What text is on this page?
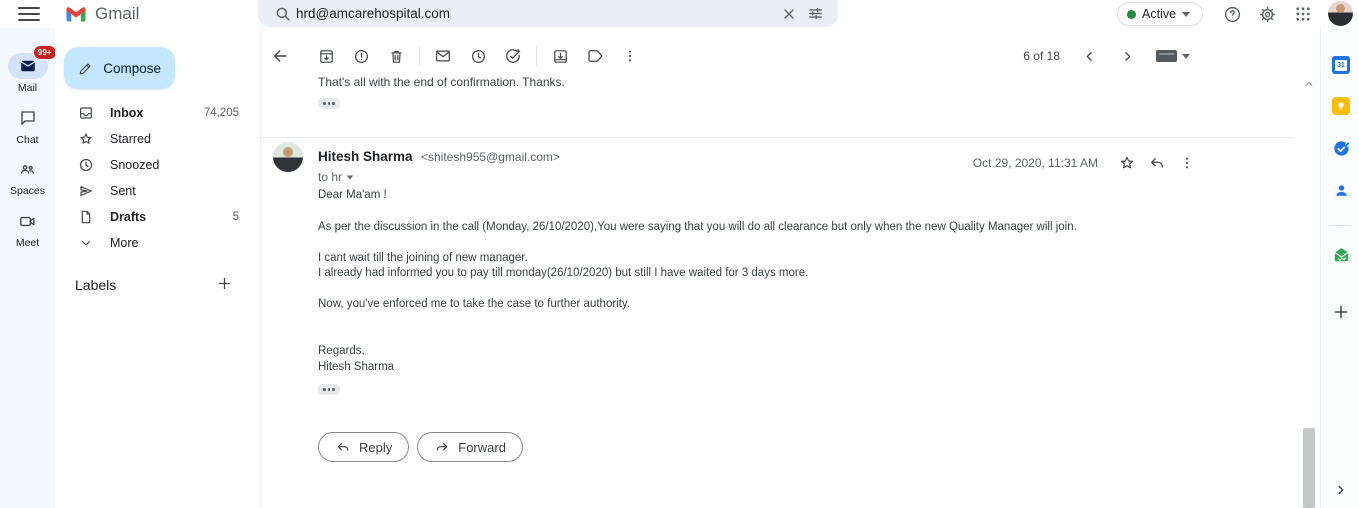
Gmail
hrd@amcarehospital.com	Active
99+
Mail
Chat
Spaces
Meet
Compose
Inbox	74,205
Starred
Snoozed
Sent
Drafts	5
More
Labels
6 of 18
That's all with the end of confirmation. Thanks.
Hitesh Sharma <shitesh955@gmail.com>
to hr
Oct 29, 2020, 11:31 AM
Dear Ma'am !
As per the discussion in the call (Monday, 26/10/2020),You were saying that you will do all clearance but only when the new Quality Manager will join.
I cant wait till the joining of new manager.
I already had informed you to pay till monday(26/10/2020) but still I have waited for 3 days more.
Now, you've enforced me to take the case to further authority.
Regards,
Hitesh Sharma
Reply	Forward
31
